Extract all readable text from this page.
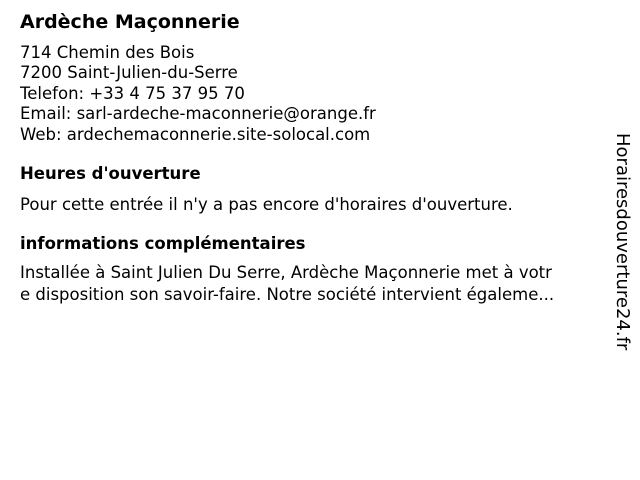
Ardèche Maçonnerie
714 Chemin des Bois
7200 Saint-Julien-du-Serre
Telefon: +33 4 75 37 95 70
Email: sarl-ardeche-maconnerie@orange.fr
Web: ardechemaconnerie.site-solocal.com
Heures d'ouverture
Pour cette entrée il n'y a pas encore d'horaires d'ouverture.
informations complémentaires
Installée à Saint Julien Du Serre, Ardèche Maçonnerie met à votr
e disposition son savoir-faire. Notre société intervient égaleme...	Horairesdouverture24.fr
